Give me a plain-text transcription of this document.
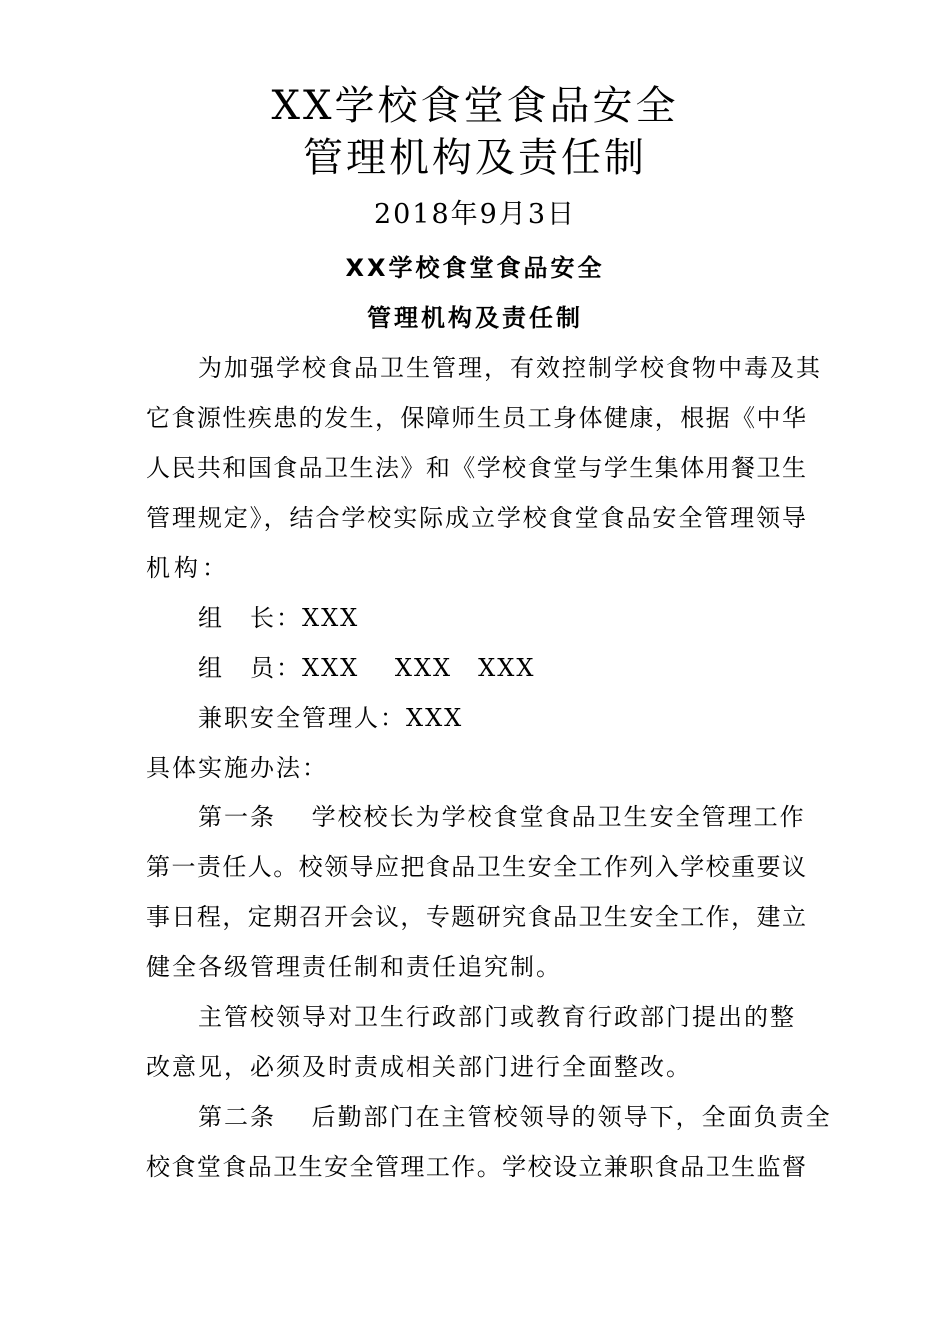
XX学校食堂食品安全
管理机构及责任制
2018年9月3日
XX学校食堂食品安全
管理机构及责任制
为加强学校食品卫生管理，有效控制学校食物中毒及其
它食源性疾患的发生，保障师生员工身体健康，根据《中华
人民共和国食品卫生法》和《学校食堂与学生集体用餐卫生
管理规定》，结合学校实际成立学校食堂食品安全管理领导
机构：
组　长：XXX
组　员：XXX　 XXX　XXX
兼职安全管理人：XXX
具体实施办法：
第一条　 学校校长为学校食堂食品卫生安全管理工作
第一责任人。校领导应把食品卫生安全工作列入学校重要议
事日程，定期召开会议，专题研究食品卫生安全工作，建立
健全各级管理责任制和责任追究制。
主管校领导对卫生行政部门或教育行政部门提出的整
改意见，必须及时责成相关部门进行全面整改。
第二条　 后勤部门在主管校领导的领导下，全面负责全
校食堂食品卫生安全管理工作。学校设立兼职食品卫生监督
